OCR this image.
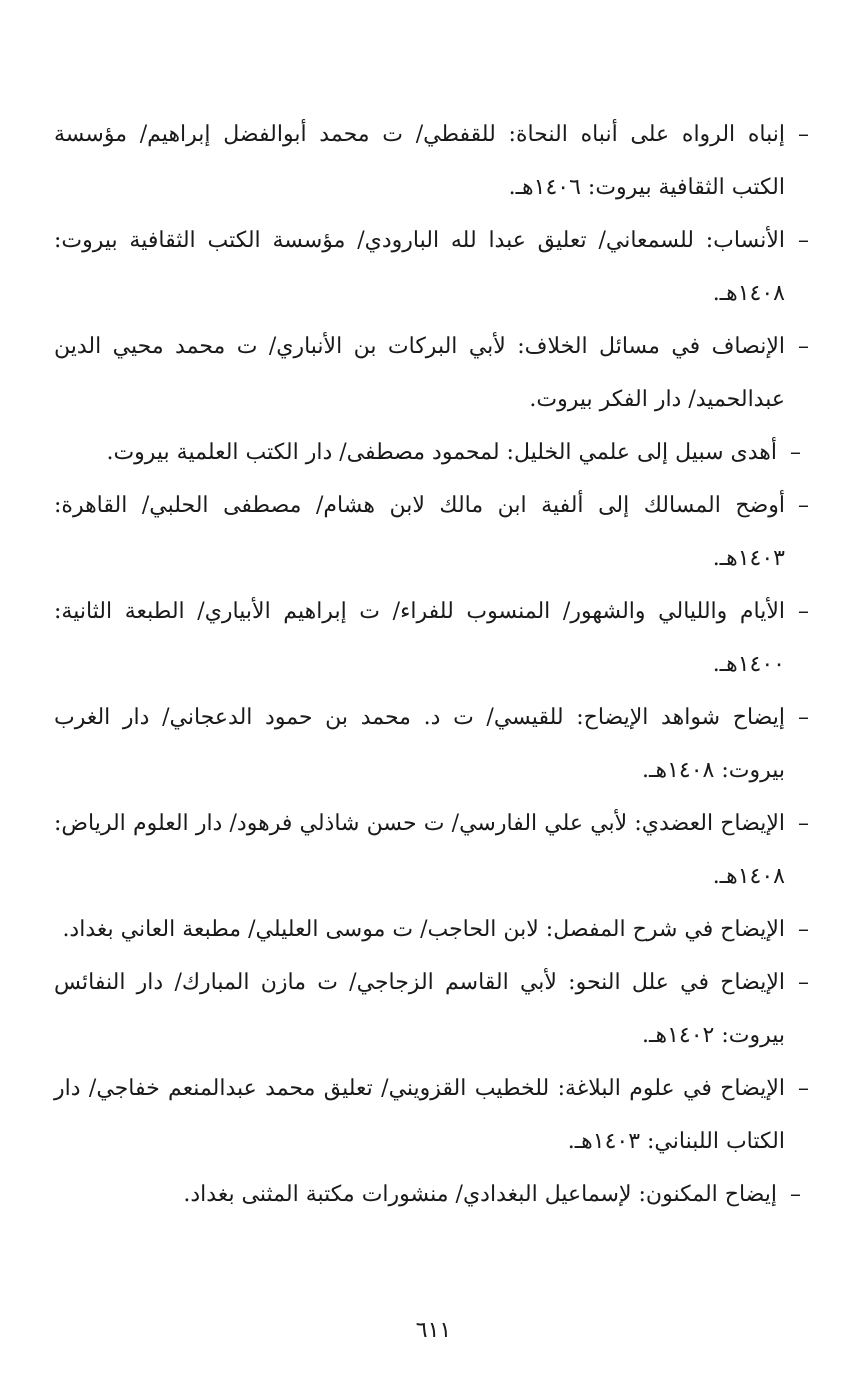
–
إنباه الرواه على أنباه النحاة: للقفطي/ ت محمد أبوالفضل إبراهيم/ مؤسسة الكتب الثقافية بيروت: ١٤٠٦هـ.
–
الأنساب: للسمعاني/ تعليق عبدا لله البارودي/ مؤسسة الكتب الثقافية بيروت: ١٤٠٨هـ.
–
الإنصاف في مسائل الخلاف: لأبي البركات بن الأنباري/ ت محمد محيي الدين عبدالحميد/ دار الفكر بيروت.
–
أهدى سبيل إلى علمي الخليل: لمحمود مصطفى/ دار الكتب العلمية بيروت.
–
أوضح المسالك إلى ألفية ابن مالك لابن هشام/ مصطفى الحلبي/ القاهرة: ١٤٠٣هـ.
–
الأيام والليالي والشهور/ المنسوب للفراء/ ت إبراهيم الأبياري/ الطبعة الثانية: ١٤٠٠هـ.
–
إيضاح شواهد الإيضاح: للقيسي/ ت د. محمد بن حمود الدعجاني/ دار الغرب بيروت: ١٤٠٨هـ.
–
الإيضاح العضدي: لأبي علي الفارسي/ ت حسن شاذلي فرهود/ دار العلوم الرياض: ١٤٠٨هـ.
–
الإيضاح في شرح المفصل: لابن الحاجب/ ت موسى العليلي/ مطبعة العاني بغداد.
–
الإيضاح في علل النحو: لأبي القاسم الزجاجي/ ت مازن المبارك/ دار النفائس بيروت: ١٤٠٢هـ.
–
الإيضاح في علوم البلاغة: للخطيب القزويني/ تعليق محمد عبدالمنعم خفاجي/ دار الكتاب اللبناني: ١٤٠٣هـ.
–
إيضاح المكنون: لإسماعيل البغدادي/ منشورات مكتبة المثنى بغداد.
٦١١
